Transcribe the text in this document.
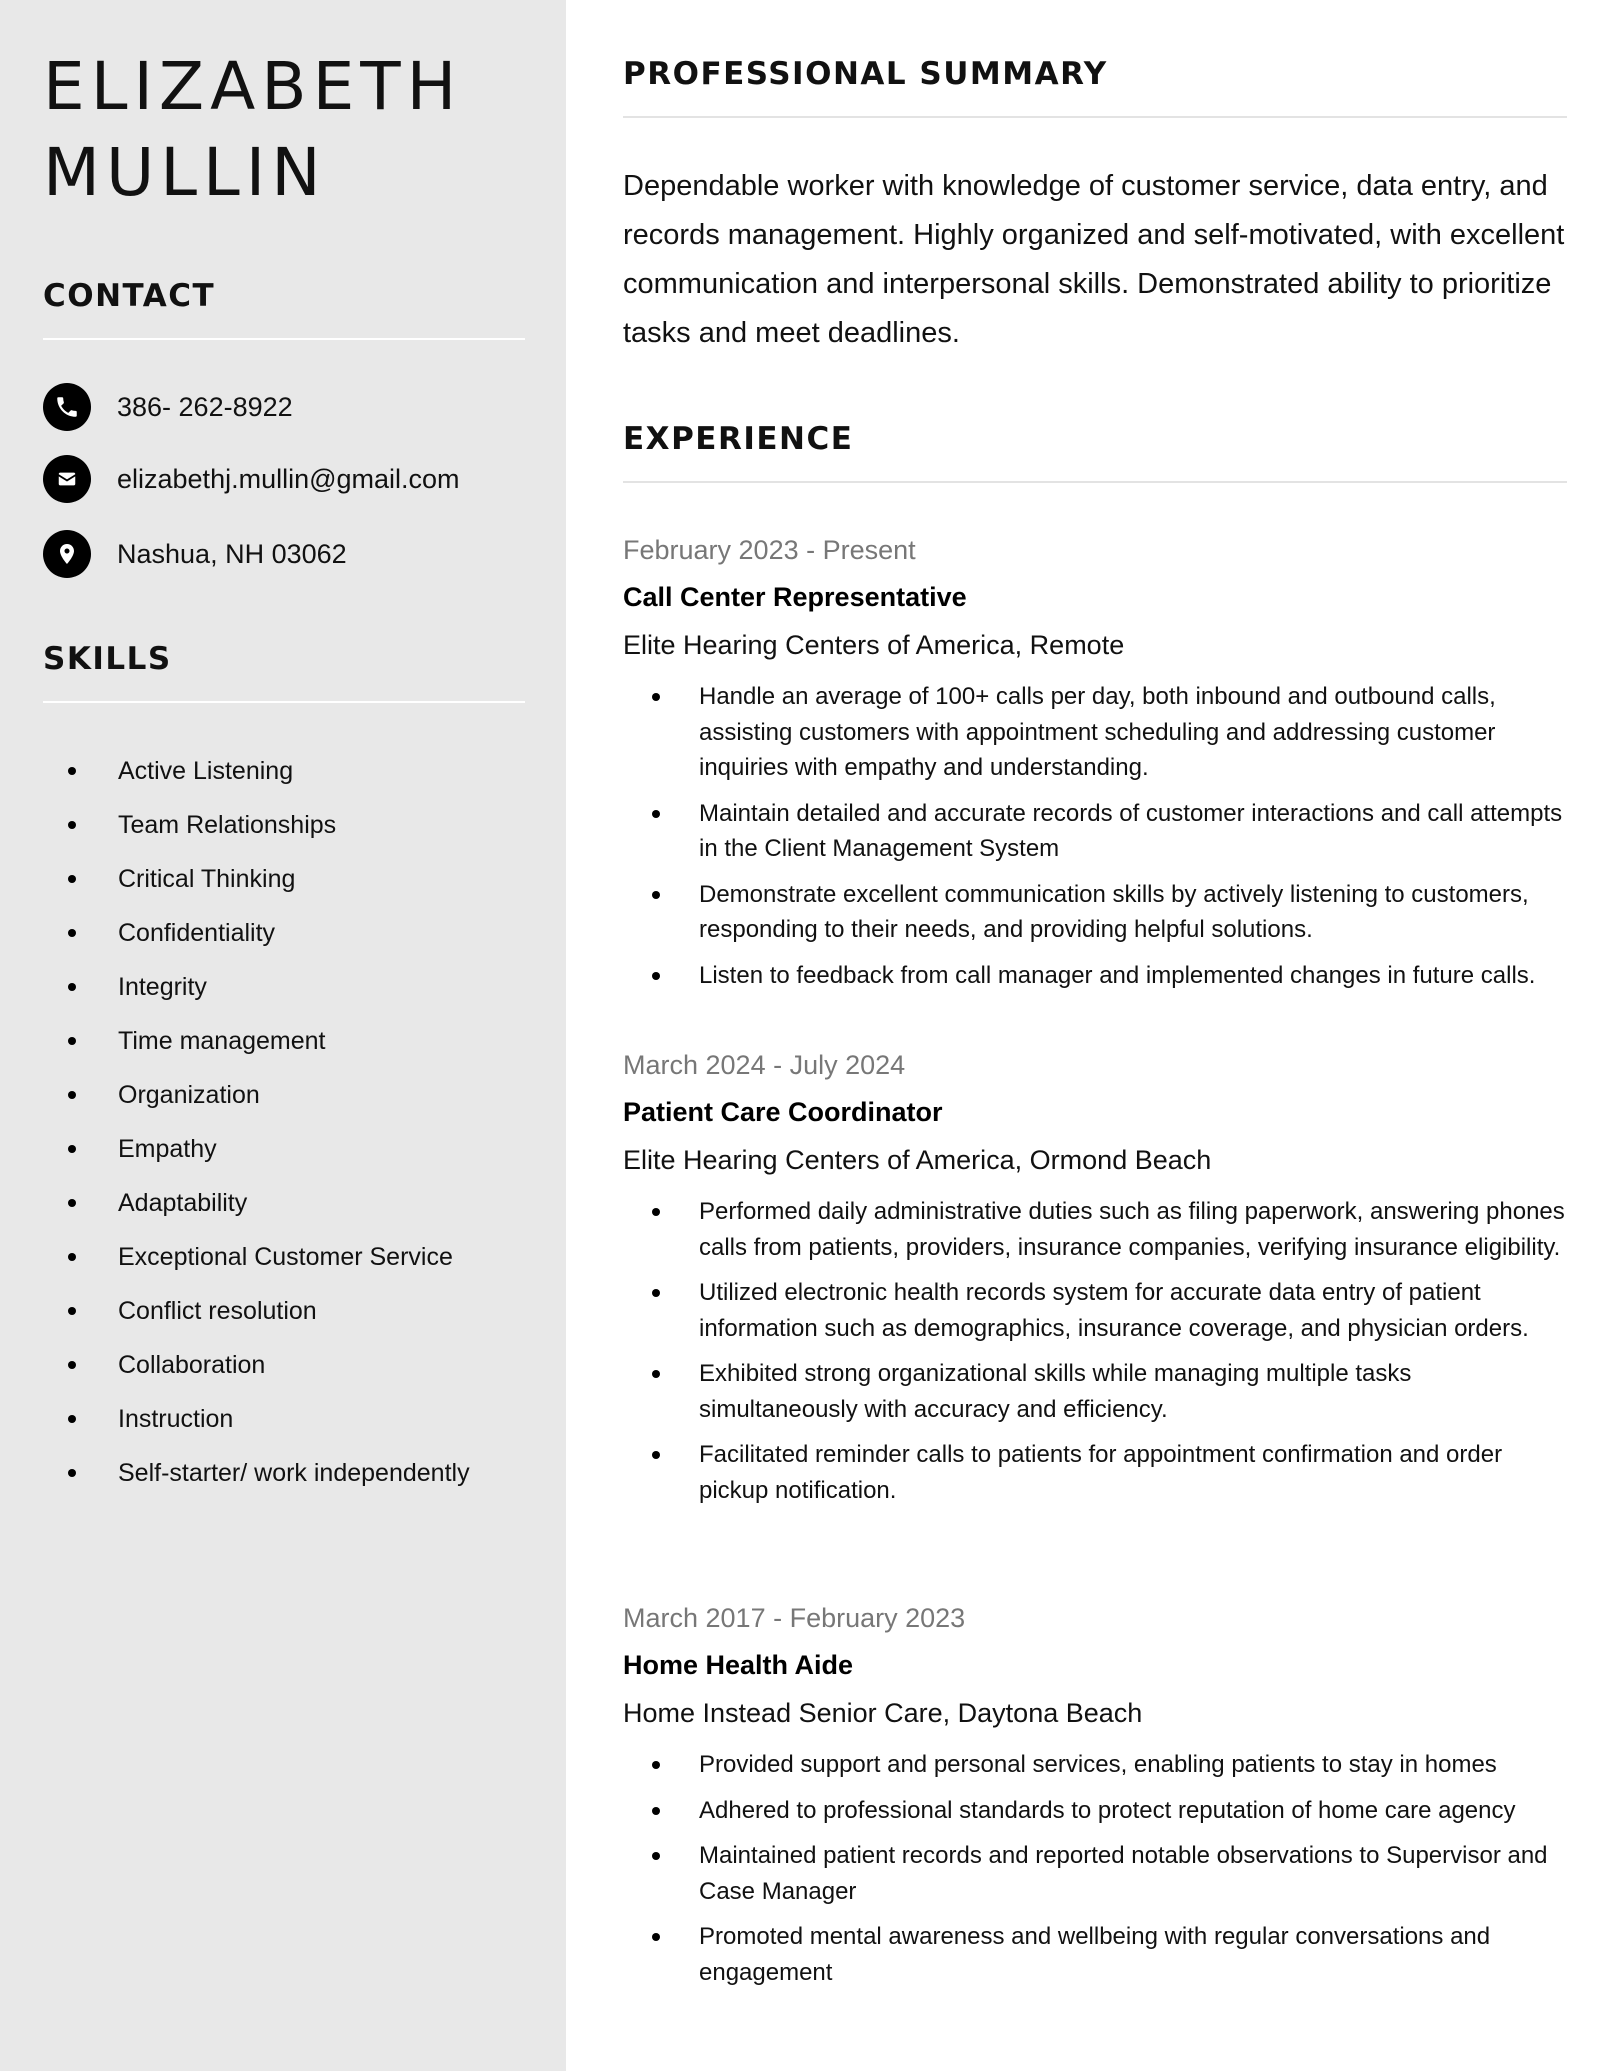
ELIZABETH
MULLIN
CONTACT
386- 262-8922
elizabethj.mullin@gmail.com
Nashua, NH 03062
SKILLS
Active Listening
Team Relationships
Critical Thinking
Confidentiality
Integrity
Time management
Organization
Empathy
Adaptability
Exceptional Customer Service
Conflict resolution
Collaboration
Instruction
Self-starter/ work independently
PROFESSIONAL SUMMARY

Dependable worker with knowledge of customer service, data entry, and records management. Highly organized and self-motivated, with excellent communication and interpersonal skills. Demonstrated ability to prioritize tasks and meet deadlines.

EXPERIENCE
February 2023 - Present
Call Center Representative
Elite Hearing Centers of America, Remote
Handle an average of 100+ calls per day, both inbound and outbound calls, assisting customers with appointment scheduling and addressing customer inquiries with empathy and understanding.
Maintain detailed and accurate records of customer interactions and call attempts in the Client Management System
Demonstrate excellent communication skills by actively listening to customers, responding to their needs, and providing helpful solutions.
Listen to feedback from call manager and implemented changes in future calls.
March 2024 - July 2024
Patient Care Coordinator
Elite Hearing Centers of America, Ormond Beach
Performed daily administrative duties such as filing paperwork, answering phones calls from patients, providers, insurance companies, verifying insurance eligibility.
Utilized electronic health records system for accurate data entry of patient information such as demographics, insurance coverage, and physician orders.
Exhibited strong organizational skills while managing multiple tasks simultaneously with accuracy and efficiency.
Facilitated reminder calls to patients for appointment confirmation and order pickup notification.
March 2017 - February 2023
Home Health Aide
Home Instead Senior Care, Daytona Beach
Provided support and personal services, enabling patients to stay in homes
Adhered to professional standards to protect reputation of home care agency
Maintained patient records and reported notable observations to Supervisor and Case Manager
Promoted mental awareness and wellbeing with regular conversations and engagement
